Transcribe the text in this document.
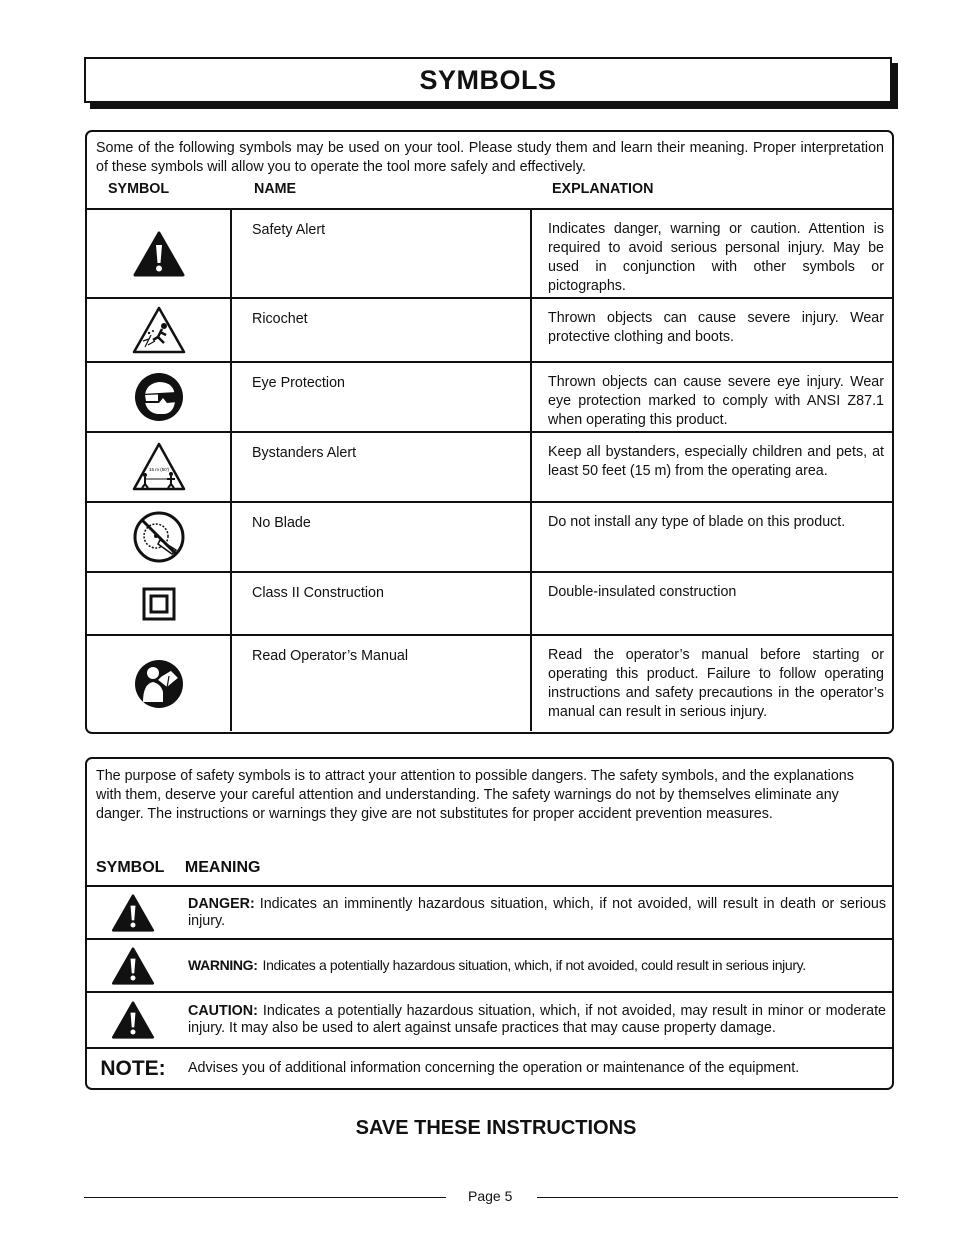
SYMBOLS
Some of the following symbols may be used on your tool. Please study them and learn their meaning. Proper interpretation of these symbols will allow you to operate the tool more safely and effectively.
SYMBOL	NAME	EXPLANATION
	Safety Alert	Indicates danger, warning or caution. Attention is required to avoid serious personal injury. May be used in conjunction with other symbols or pictographs.

	Ricochet	Thrown objects can cause severe injury. Wear protective clothing and boots.

	Eye Protection	Thrown objects can cause severe eye injury. Wear eye protection marked to comply with ANSI Z87.1 when operating this product.

15 m (50')	Bystanders Alert	Keep all bystanders, especially children and pets, at least 50 feet (15 m) from the operating area.

	No Blade	Do not install any type of blade on this product.

	Class II Construction	Double-insulated construction

	Read Operator’s Manual	Read the operator’s manual before starting or operating this product. Failure to follow operating instructions and safety precautions in the operator’s manual can result in serious injury.
The purpose of safety symbols is to attract your attention to possible dangers. The safety symbols, and the explanations with them, deserve your careful attention and understanding. The safety warnings do not by themselves eliminate any danger. The instructions or warnings they give are not substitutes for proper accident prevention measures.
SYMBOL MEANING
DANGER: Indicates an imminently hazardous situation, which, if not avoided, will result in death or serious injury.
WARNING: Indicates a potentially hazardous situation, which, if not avoided, could result in serious injury.
CAUTION: Indicates a potentially hazardous situation, which, if not avoided, may result in minor or moderate injury. It may also be used to alert against unsafe practices that may cause property damage.
NOTE:	Advises you of additional information concerning the operation or maintenance of the equipment.
SAVE THESE INSTRUCTIONS
Page 5
